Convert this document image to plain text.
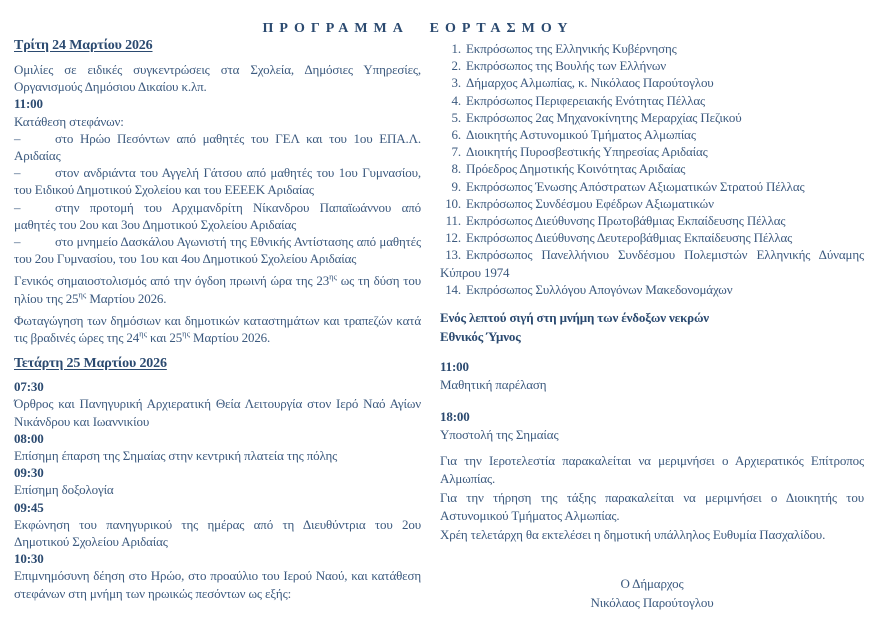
ΠΡΟΓΡΑΜΜΑ ΕΟΡΤΑΣΜΟΥ
Τρίτη 24 Μαρτίου 2026

Ομιλίες σε ειδικές συγκεντρώσεις στα Σχολεία, Δημόσιες Υπηρεσίες, Οργανισμούς Δημόσιου Δικαίου κ.λπ.

11:00

Κατάθεση στεφάνων:

–	στο Ηρώο Πεσόντων από μαθητές του ΓΕΛ και του 1ου ΕΠΑ.Λ. Αριδαίας

–	στον ανδριάντα του Αγγελή Γάτσου από μαθητές του 1ου Γυμνασίου, του Ειδικού Δημοτικού Σχολείου και του ΕΕΕΕΚ Αριδαίας

–	στην προτομή του Αρχιμανδρίτη Νίκανδρου Παπαϊωάννου από μαθητές του 2ου και 3ου Δημοτικού Σχολείου Αριδαίας

–	στο μνημείο Δασκάλου Αγωνιστή της Εθνικής Αντίστασης από μαθητές του 2ου Γυμνασίου, του 1ου και 4ου Δημοτικού Σχολείου Αριδαίας

Γενικός σημαιοστολισμός από την όγδοη πρωινή ώρα της $23^{\eta\varsigma}$ ως τη δύση του ηλίου της $25^{\eta\varsigma}$ Μαρτίου 2026.

Φωταγώγηση των δημόσιων και δημοτικών καταστημάτων και τραπεζών κατά τις βραδινές ώρες της $24^{\eta\varsigma}$ και $25^{\eta\varsigma}$ Μαρτίου 2026.

Τετάρτη 25 Μαρτίου 2026
07:30

Όρθρος και Πανηγυρική Αρχιερατική Θεία Λειτουργία στον Ιερό Ναό Αγίων Νικάνδρου και Ιωαννικίου

08:00

Επίσημη έπαρση της Σημαίας στην κεντρική πλατεία της πόλης

09:30

Επίσημη δοξολογία

09:45

Εκφώνηση του πανηγυρικού της ημέρας από τη Διευθύντρια του 2ου Δημοτικού Σχολείου Αριδαίας

10:30

Επιμνημόσυνη δέηση στο Ηρώο, στο προαύλιο του Ιερού Ναού, και κατάθεση στεφάνων στη μνήμη των ηρωικώς πεσόντων ως εξής:

1. Εκπρόσωπος της Ελληνικής Κυβέρνησης

2. Εκπρόσωπος της Βουλής των Ελλήνων

3. Δήμαρχος Αλμωπίας, κ. Νικόλαος Παρούτογλου

4. Εκπρόσωπος Περιφερειακής Ενότητας Πέλλας

5. Εκπρόσωπος 2ας Μηχανοκίνητης Μεραρχίας Πεζικού

6. Διοικητής Αστυνομικού Τμήματος Αλμωπίας

7. Διοικητής Πυροσβεστικής Υπηρεσίας Αριδαίας

8. Πρόεδρος Δημοτικής Κοινότητας Αριδαίας

9. Εκπρόσωπος Ένωσης Απόστρατων Αξιωματικών Στρατού Πέλλας

10. Εκπρόσωπος Συνδέσμου Εφέδρων Αξιωματικών

11. Εκπρόσωπος Διεύθυνσης Πρωτοβάθμιας Εκπαίδευσης Πέλλας

12. Εκπρόσωπος Διεύθυνσης Δευτεροβάθμιας Εκπαίδευσης Πέλλας

13. Εκπρόσωπος Πανελλήνιου Συνδέσμου Πολεμιστών Ελληνικής Δύναμης Κύπρου 1974

14. Εκπρόσωπος Συλλόγου Απογόνων Μακεδονομάχων

Ενός λεπτού σιγή στη μνήμη των ένδοξων νεκρών

Εθνικός Ύμνος

11:00

Μαθητική παρέλαση

18:00

Υποστολή της Σημαίας

Για την Ιεροτελεστία παρακαλείται να μεριμνήσει ο Αρχιερατικός Επίτροπος Αλμωπίας.

Για την τήρηση της τάξης παρακαλείται να μεριμνήσει ο Διοικητής του Αστυνομικού Τμήματος Αλμωπίας.

Χρέη τελετάρχη θα εκτελέσει η δημοτική υπάλληλος Ευθυμία Πασχαλίδου.

Ο Δήμαρχος

Νικόλαος Παρούτογλου
